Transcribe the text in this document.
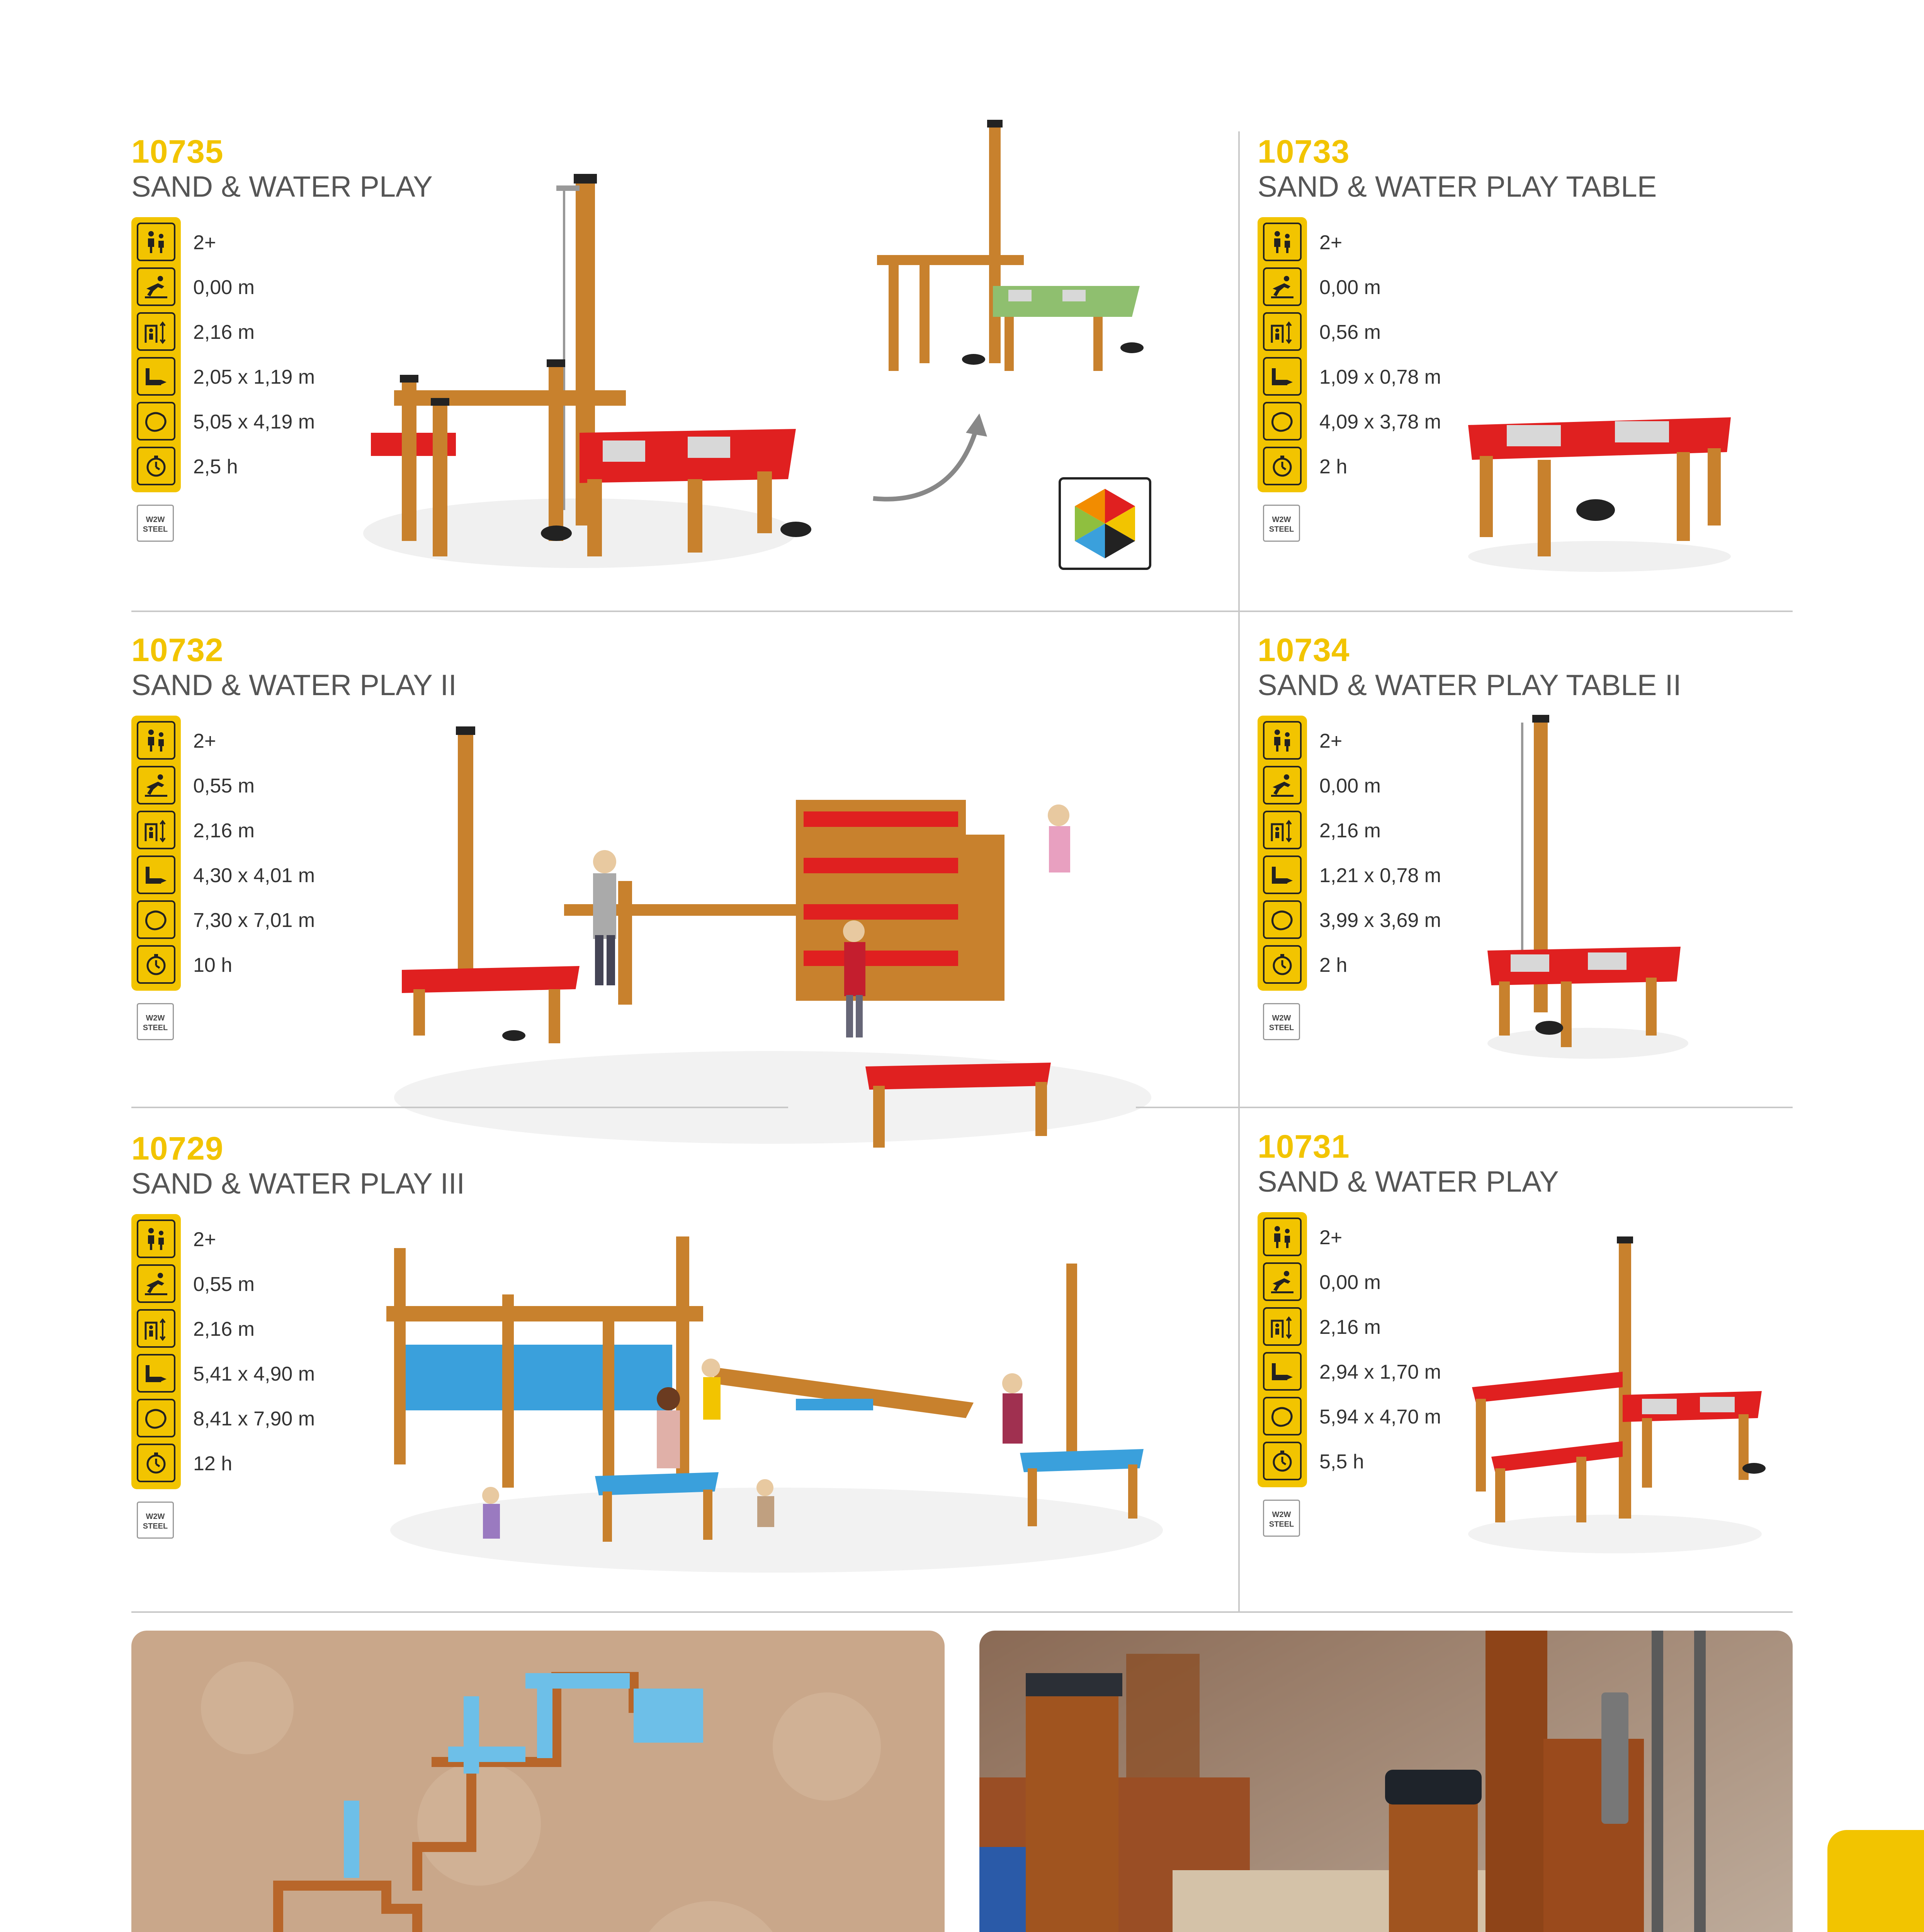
10735
SAND & WATER PLAY
2+
0,00 m
2,16 m
2,05 x 1,19 m
5,05 x 4,19 m
2,5 h
W2W
STEEL
10733
SAND & WATER PLAY TABLE
2+
0,00 m
0,56 m
1,09 x 0,78 m
4,09 x 3,78 m
2 h
W2W
STEEL
10732
SAND & WATER PLAY II
2+
0,55 m
2,16 m
4,30 x 4,01 m
7,30 x 7,01 m
10 h
W2W
STEEL
10734
SAND & WATER PLAY TABLE II
2+
0,00 m
2,16 m
1,21 x 0,78 m
3,99 x 3,69 m
2 h
W2W
STEEL
10729
SAND & WATER PLAY III
2+
0,55 m
2,16 m
5,41 x 4,90 m
8,41 x 7,90 m
12 h
W2W
STEEL
10731
SAND & WATER PLAY
2+
0,00 m
2,16 m
2,94 x 1,70 m
5,94 x 4,70 m
5,5 h
W2W
STEEL
